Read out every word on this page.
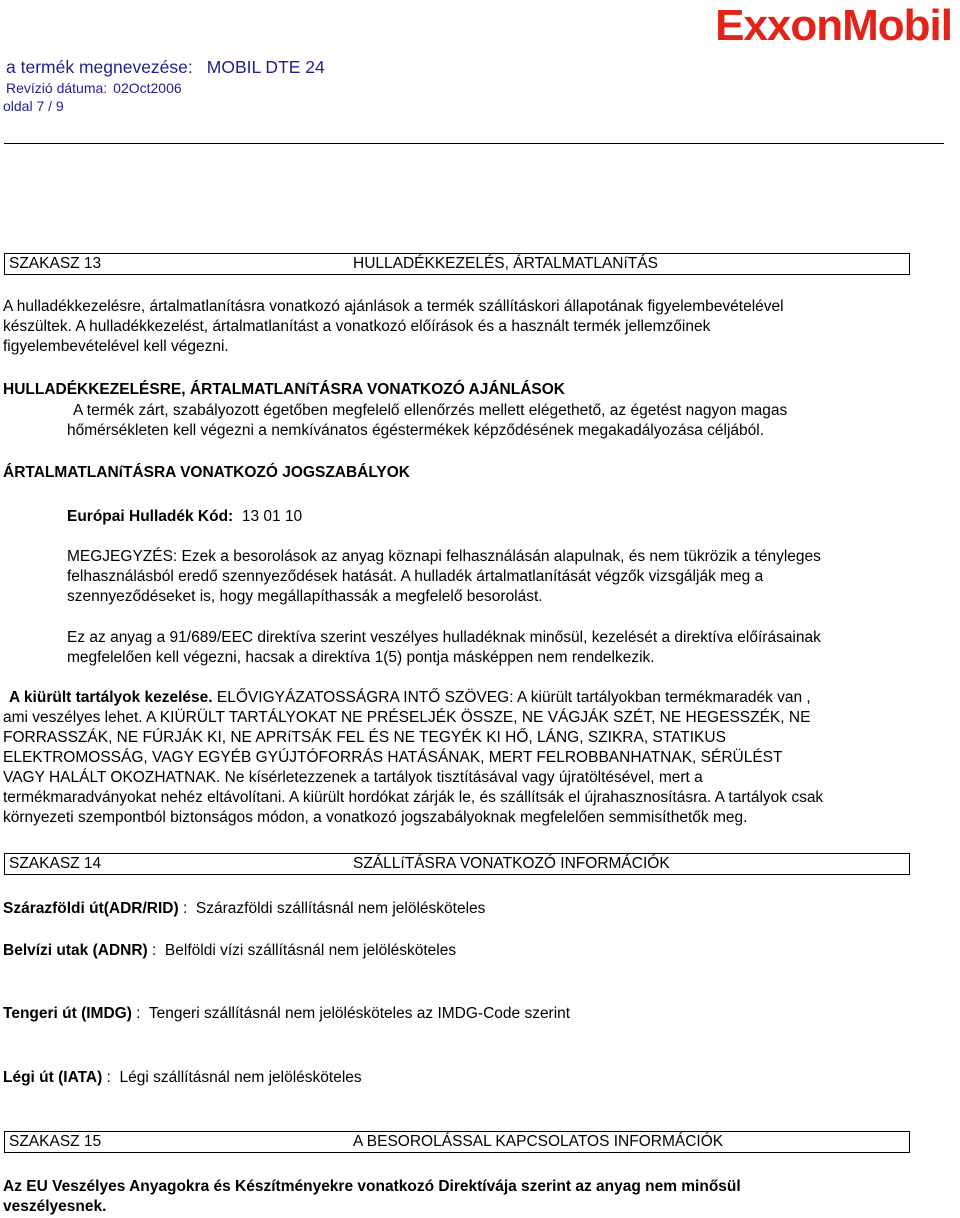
ExxonMobil
a termék megnevezése: MOBIL DTE 24
Revízió dátuma: 02Oct2006
oldal 7 / 9
SZAKASZ 13	HULLADÉKKEZELÉS, ÁRTALMATLANíTÁS

A hulladékkezelésre, ártalmatlanításra vonatkozó ajánlások a termék szállításkori állapotának figyelembevételével

készültek. A hulladékkezelést, ártalmatlanítást a vonatkozó előírások és a használt termék jellemzőinek

figyelembevételével kell végezni.

HULLADÉKKEZELÉSRE, ÁRTALMATLANíTÁSRA VONATKOZÓ AJÁNLÁSOK

A termék zárt, szabályozott égetőben megfelelő ellenőrzés mellett elégethető, az égetést nagyon magas

hőmérsékleten kell végezni a nemkívánatos égéstermékek képződésének megakadályozása céljából.

ÁRTALMATLANíTÁSRA VONATKOZÓ JOGSZABÁLYOK
Európai Hulladék Kód: 13 01 10

MEGJEGYZÉS: Ezek a besorolások az anyag köznapi felhasználásán alapulnak, és nem tükrözik a tényleges

felhasználásból eredő szennyeződések hatását. A hulladék ártalmatlanítását végzők vizsgálják meg a

szennyeződéseket is, hogy megállapíthassák a megfelelő besorolást.

Ez az anyag a 91/689/EEC direktíva szerint veszélyes hulladéknak minősül, kezelését a direktíva előírásainak

megfelelően kell végezni, hacsak a direktíva 1(5) pontja másképpen nem rendelkezik.

A kiürült tartályok kezelése. ELŐVIGYÁZATOSSÁGRA INTŐ SZÖVEG: A kiürült tartályokban termékmaradék van ,

ami veszélyes lehet. A KIÜRÜLT TARTÁLYOKAT NE PRÉSELJÉK ÖSSZE, NE VÁGJÁK SZÉT, NE HEGESSZÉK, NE

FORRASSZÁK, NE FÚRJÁK KI, NE APRíTSÁK FEL ÉS NE TEGYÉK KI HŐ, LÁNG, SZIKRA, STATIKUS

ELEKTROMOSSÁG, VAGY EGYÉB GYÚJTÓFORRÁS HATÁSÁNAK, MERT FELROBBANHATNAK, SÉRÜLÉST

VAGY HALÁLT OKOZHATNAK. Ne kísérletezzenek a tartályok tisztításával vagy újratöltésével, mert a

termékmaradványokat nehéz eltávolítani. A kiürült hordókat zárják le, és szállítsák el újrahasznosításra. A tartályok csak

környezeti szempontból biztonságos módon, a vonatkozó jogszabályoknak megfelelően semmisíthetők meg.

SZAKASZ 14	SZÁLLíTÁSRA VONATKOZÓ INFORMÁCIÓK
Szárazföldi út(ADR/RID) :  Szárazföldi szállításnál nem jelölésköteles
Belvízi utak (ADNR) :  Belföldi vízi szállításnál nem jelölésköteles
Tengeri út (IMDG) :  Tengeri szállításnál nem jelölésköteles az IMDG-Code szerint
Légi út (IATA) :  Légi szállításnál nem jelölésköteles
SZAKASZ 15	A BESOROLÁSSAL KAPCSOLATOS INFORMÁCIÓK

Az EU Veszélyes Anyagokra és Készítményekre vonatkozó Direktívája szerint az anyag nem minősül

veszélyesnek.
